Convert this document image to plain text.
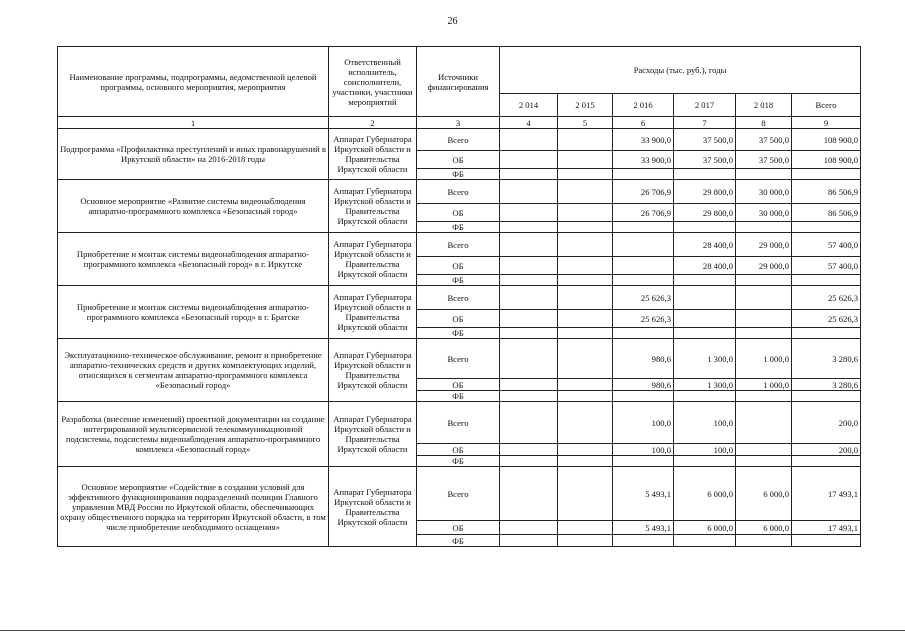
26
Наименование программы, подпрограммы, ведомственной целевой программы, основного мероприятия, мероприятия	Ответственный исполнитель, соисполнители, участники, участники мероприятий	Источники финансирования	Расходы (тыс. руб.), годы					
			2 014	2 015	2 016	2 017	2 018	Всего
1	2	3	4	5	6	7	8	9
Подпрограмма «Профилактика преступлений и иных правонарушений в Иркутской области» на 2016-2018 годы	Аппарат Губернатора Иркутской области и Правительства Иркутской области	Всего			33 900,0	37 500,0	37 500,0	108 900,0
		ОБ			33 900,0	37 500,0	37 500,0	108 900,0
		ФБ						
Основное мероприятие «Развитие системы видеонаблюдения аппаратно-программного комплекса «Безопасный город»	Аппарат Губернатора Иркутской области и Правительства Иркутской области	Всего			26 706,9	29 800,0	30 000,0	86 506,9
		ОБ			26 706,9	29 800,0	30 000,0	86 506,9
		ФБ						
Приобретение и монтаж системы видеонаблюдения аппаратно-программного комплекса «Безопасный город» в г. Иркутске	Аппарат Губернатора Иркутской области и Правительства Иркутской области	Всего				28 400,0	29 000,0	57 400,0
		ОБ				28 400,0	29 000,0	57 400,0
		ФБ						
Приобретение и монтаж системы видеонаблюдения аппаратно-программного комплекса «Безопасный город» в г. Братске	Аппарат Губернатора Иркутской области и Правительства Иркутской области	Всего			25 626,3			25 626,3
		ОБ			25 626,3			25 626,3
		ФБ						
Эксплуатационно-техническое обслуживание, ремонт и приобретение аппаратно-технических средств и других комплектующих изделий, относящихся к сегментам аппаратно-программного комплекса «Безопасный город»	Аппарат Губернатора Иркутской области и Правительства Иркутской области	Всего			980,6	1 300,0	1 000,0	3 280,6
		ОБ			980,6	1 300,0	1 000,0	3 280,6
		ФБ						
Разработка (внесение изменений) проектной документации на создание интегрированной мультисервисной телекоммуникационной подсистемы, подсистемы видеонаблюдения аппаратно-программного комплекса «Безопасный город»	Аппарат Губернатора Иркутской области и Правительства Иркутской области	Всего			100,0	100,0		200,0
		ОБ			100,0	100,0		200,0
		ФБ						
Основное мероприятие «Содействие в создании условий для эффективного функционирования подразделений полиции Главного управления МВД России по Иркутской области, обеспечивающих охрану общественного порядка на территории Иркутской области, в том числе приобретение необходимого оснащения»	Аппарат Губернатора Иркутской области и Правительства Иркутской области	Всего			5 493,1	6 000,0	6 000,0	17 493,1
		ОБ			5 493,1	6 000,0	6 000,0	17 493,1
		ФБ						
